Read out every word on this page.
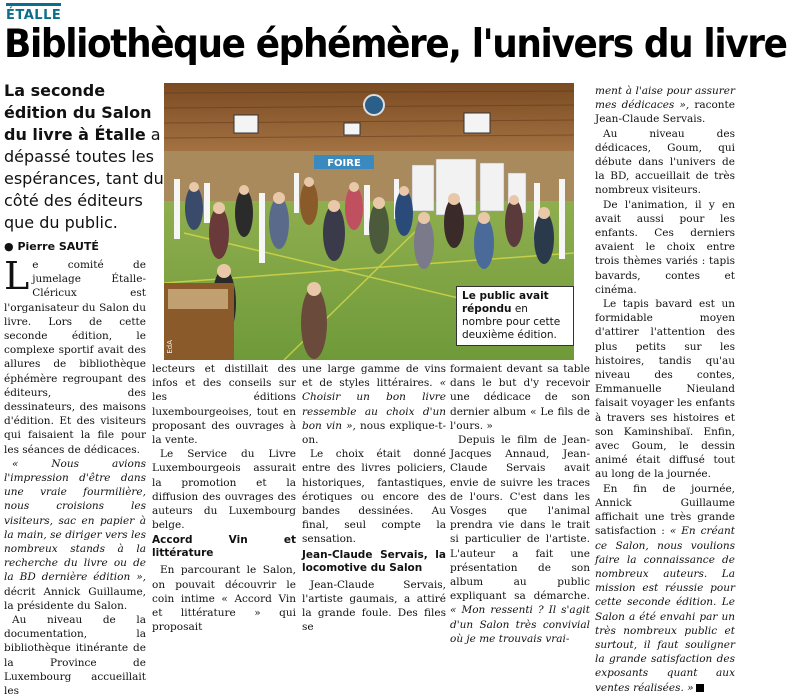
ÉTALLE
Bibliothèque éphémère, l'univers du livre
La seconde édition du Salon du livre à Étalle a dépassé toutes les espérances, tant du côté des éditeurs que du public.
● Pierre SAUTÉ
FOIRE
EdA
Le public avait répondu en nombre pour cette deuxième édition.

Le comité de jumelage Étalle-Cléricux est l'organisateur du Salon du livre. Lors de cette seconde édition, le complexe sportif avait des allures de bibliothèque éphémère regroupant des éditeurs, des dessinateurs, des maisons d'édition. Et des visiteurs qui faisaient la file pour les séances de dédicaces.

« Nous avions l'impression d'être dans une vraie fourmilière, nous croisions les visiteurs, sac en papier à la main, se diriger vers les nombreux stands à la recherche du livre ou de la BD dernière édition », décrit Annick Guillaume, la présidente du Salon.

Au niveau de la documentation, la bibliothèque itinérante de la Province de Luxembourg accueillait les

lecteurs et distillait des infos et des conseils sur les éditions luxembourgeoises, tout en proposant des ouvrages à la vente.

Le Service du Livre Luxembourgeois assurait la promotion et la diffusion des ouvrages des auteurs du Luxembourg belge.

Accord Vin et littérature

En parcourant le Salon, on pouvait découvrir le coin intime « Accord Vin et littérature » qui proposait

une large gamme de vins et de styles littéraires. « Choisir un bon livre ressemble au choix d'un bon vin », nous explique-t-on.

Le choix était donné entre des livres policiers, historiques, fantastiques, érotiques ou encore des bandes dessinées. Au final, seul compte la sensation.

Jean-Claude Servais, la locomotive du Salon

Jean-Claude Servais, l'artiste gaumais, a attiré la grande foule. Des files se

formaient devant sa table dans le but d'y recevoir une dédicace de son dernier album « Le fils de l'ours. »

Depuis le film de Jean-Jacques Annaud, Jean-Claude Servais avait envie de suivre les traces de l'ours. C'est dans les Vosges que l'animal prendra vie dans le trait si particulier de l'artiste. L'auteur a fait une présentation de son album au public expliquant sa démarche. « Mon ressenti ? Il s'agit d'un Salon très convivial où je me trouvais vrai-

ment à l'aise pour assurer mes dédicaces », raconte Jean-Claude Servais.

Au niveau des dédicaces, Goum, qui débute dans l'univers de la BD, accueillait de très nombreux visiteurs.

De l'animation, il y en avait aussi pour les enfants. Ces derniers avaient le choix entre trois thèmes variés : tapis bavards, contes et cinéma.

Le tapis bavard est un formidable moyen d'attirer l'attention des plus petits sur les histoires, tandis qu'au niveau des contes, Emmanuelle Nieuland faisait voyager les enfants à travers ses histoires et son Kaminshibaï. Enfin, avec Goum, le dessin animé était diffusé tout au long de la journée.

En fin de journée, Annick Guillaume affichait une très grande satisfaction : « En créant ce Salon, nous voulions faire la connaissance de nombreux auteurs. La mission est réussie pour cette seconde édition. Le Salon a été envahi par un très nombreux public et surtout, il faut souligner la grande satisfaction des exposants quant aux ventes réalisées. »
